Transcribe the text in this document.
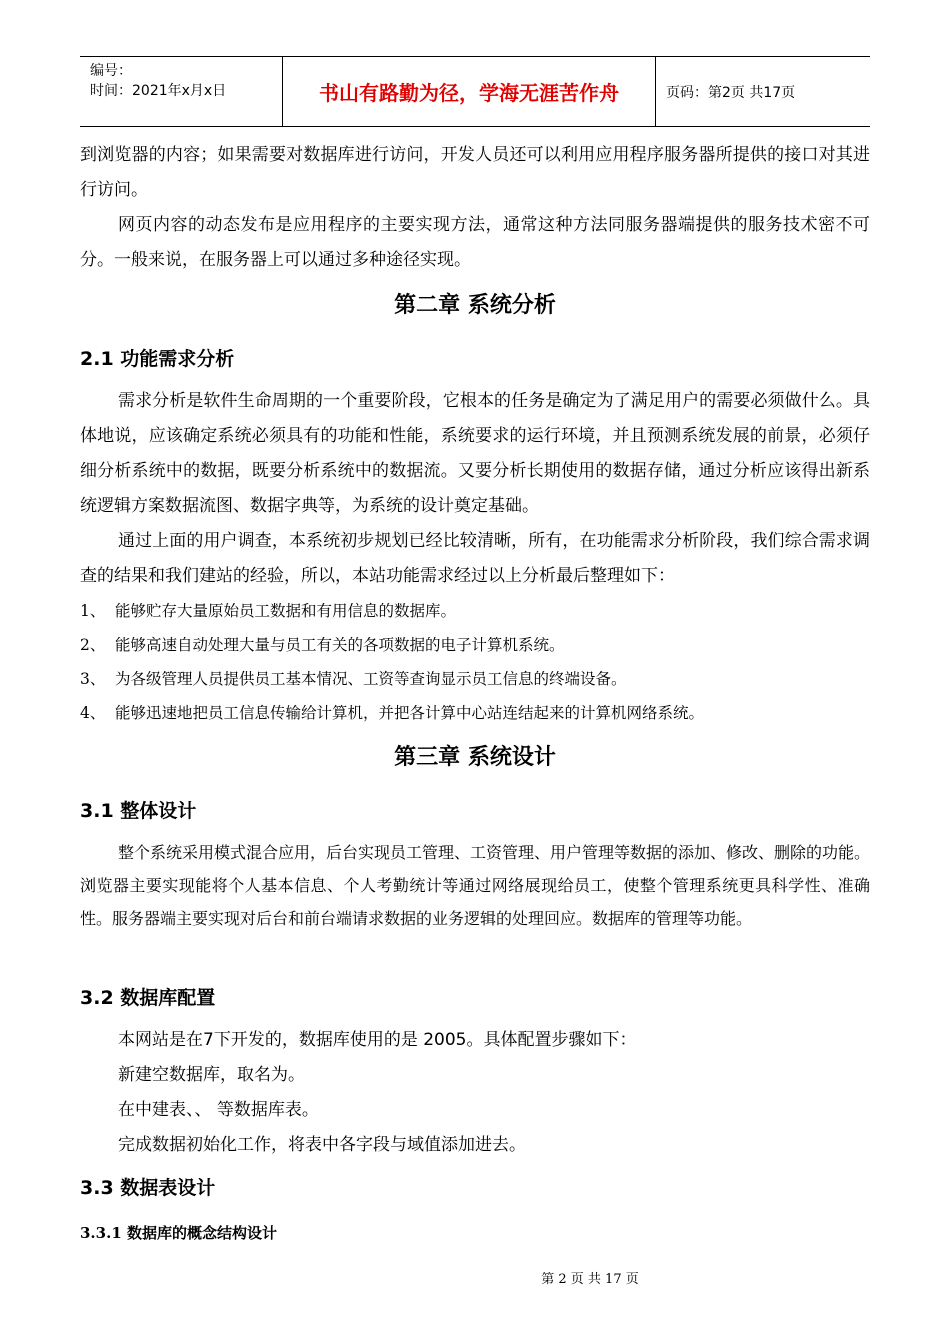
编号：
时间：2021年x月x日	书山有路勤为径，学海无涯苦作舟	页码：第2页 共17页

到浏览器的内容；如果需要对数据库进行访问，开发人员还可以利用应用程序服务器所提供的接口对其进行访问。

网页内容的动态发布是应用程序的主要实现方法，通常这种方法同服务器端提供的服务技术密不可分。一般来说，在服务器上可以通过多种途径实现。

第二章 系统分析
2.1 功能需求分析

需求分析是软件生命周期的一个重要阶段，它根本的任务是确定为了满足用户的需要必须做什么。具体地说，应该确定系统必须具有的功能和性能，系统要求的运行环境，并且预测系统发展的前景，必须仔细分析系统中的数据，既要分析系统中的数据流。又要分析长期使用的数据存储，通过分析应该得出新系统逻辑方案数据流图、数据字典等，为系统的设计奠定基础。

通过上面的用户调查，本系统初步规划已经比较清晰，所有，在功能需求分析阶段，我们综合需求调查的结果和我们建站的经验，所以，本站功能需求经过以上分析最后整理如下：

1、 能够贮存大量原始员工数据和有用信息的数据库。
2、 能够高速自动处理大量与员工有关的各项数据的电子计算机系统。
3、 为各级管理人员提供员工基本情况、工资等查询显示员工信息的终端设备。
4、 能够迅速地把员工信息传输给计算机，并把各计算中心站连结起来的计算机网络系统。
第三章 系统设计
3.1 整体设计

整个系统采用模式混合应用，后台实现员工管理、工资管理、用户管理等数据的添加、修改、删除的功能。浏览器主要实现能将个人基本信息、个人考勤统计等通过网络展现给员工，使整个管理系统更具科学性、准确性。服务器端主要实现对后台和前台端请求数据的业务逻辑的处理回应。数据库的管理等功能。

3.2 数据库配置

本网站是在7下开发的，数据库使用的是 2005。具体配置步骤如下：

新建空数据库，取名为。

在中建表、、 等数据库表。

完成数据初始化工作，将表中各字段与域值添加进去。

3.3 数据表设计
3.3.1 数据库的概念结构设计
第 2 页 共 17 页
